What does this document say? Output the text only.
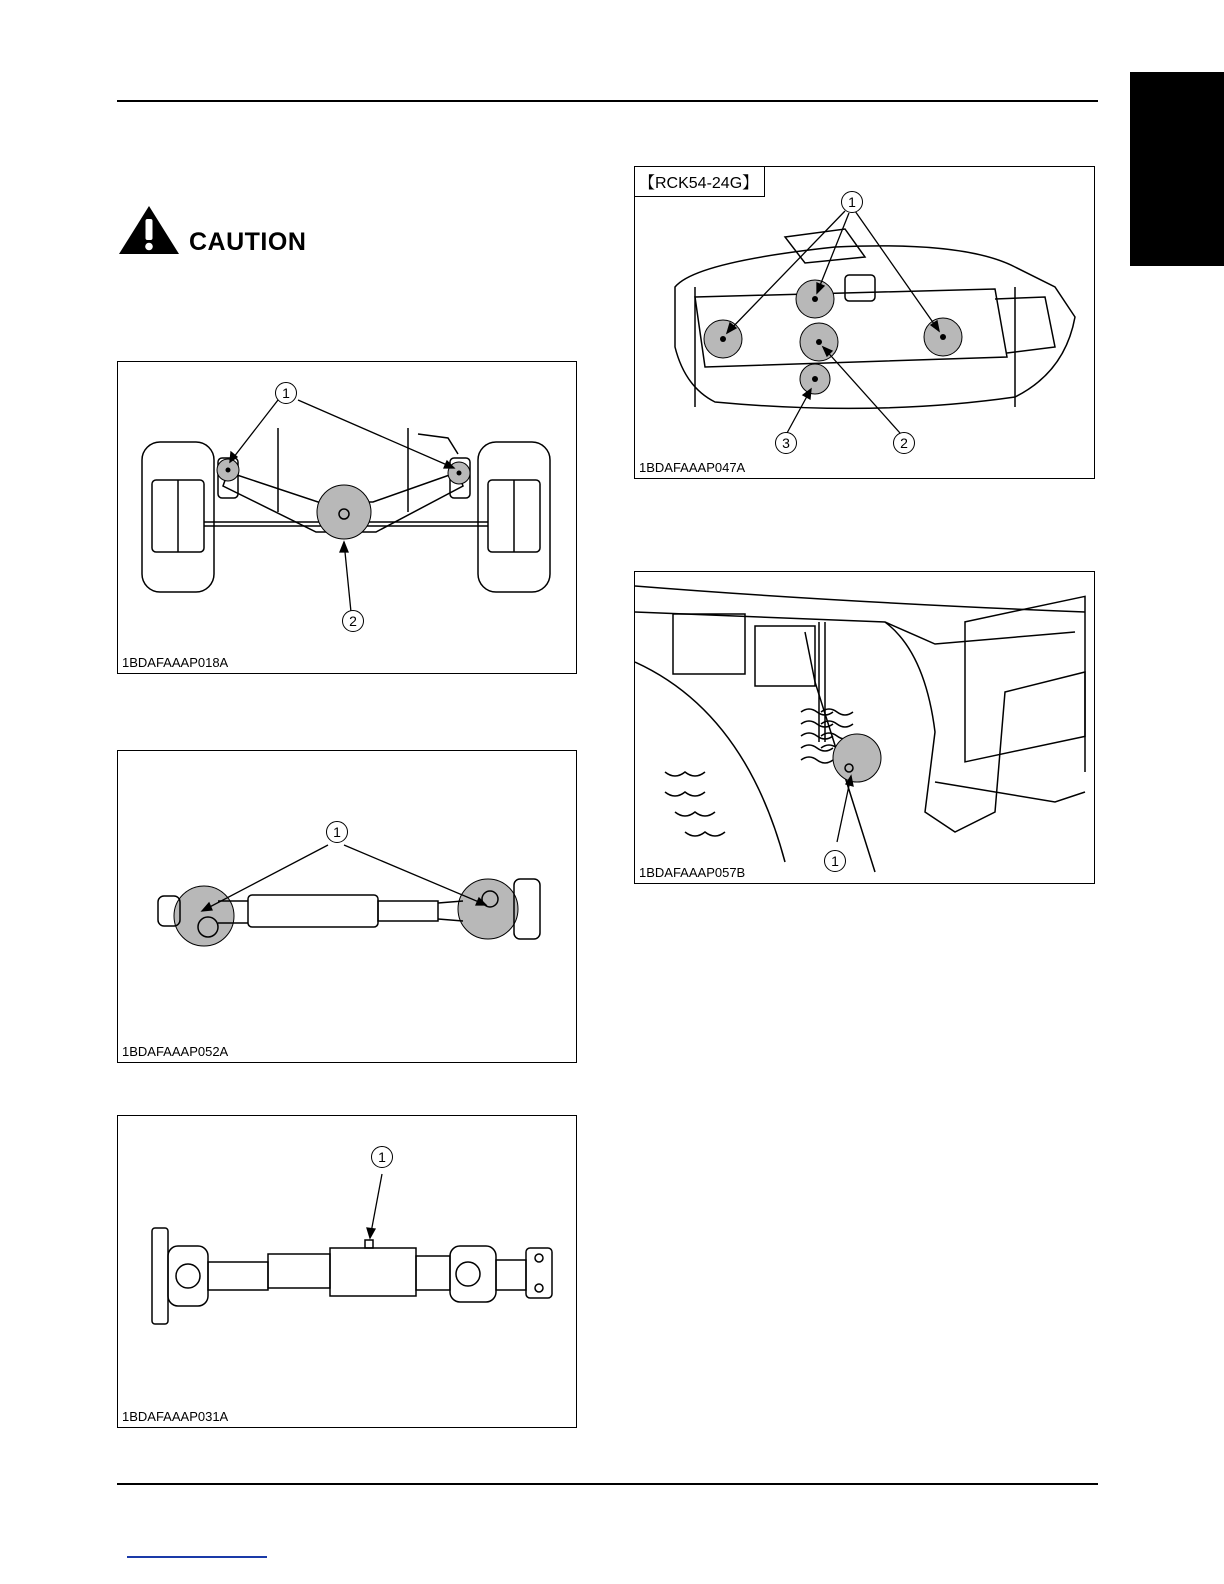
CAUTION
1
2
1BDAFAAAP018A
1
1BDAFAAAP052A
1
1BDAFAAAP031A
【RCK54-24G】
1
2
3
1BDAFAAAP047A
1
1BDAFAAAP057B
